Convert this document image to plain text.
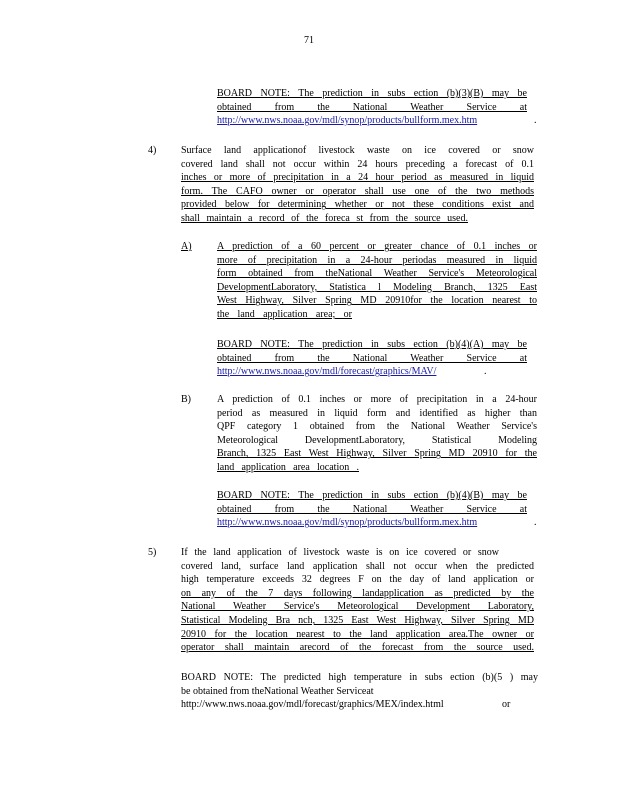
71
BOARD NOTE: The prediction in subs ection (b)(3)(B) may be
obtained from the National Weather Service at
http://www.nws.noaa.gov/mdl/synop/products/bullform.mex.htm	.
4) Surface land applicationof livestock waste on ice covered or snow
covered land shall not occur within 24 hours preceding a forecast of 0.1
inches or more of precipitation in a 24 hour period as measured in liquid
form. The CAFO owner or operator shall use one of the two methods
provided below for determining whether or not these conditions exist and
shall maintain a record of the foreca st from the source used.
A)	A prediction of a 60 percent or greater chance of 0.1 inches or
more of precipitation in a 24-hour periodas measured in liquid
form obtained from theNational Weather Service's Meteorological
DevelopmentLaboratory, Statistica l Modeling Branch, 1325 East
West Highway, Silver Spring MD 20910for the location nearest to
the land application area; or
BOARD NOTE: The prediction in subs ection (b)(4)(A) may be
obtained from the National Weather Service at
http://www.nws.noaa.gov/mdl/forecast/graphics/MAV/	.
B)	A prediction of 0.1 inches or more of precipitation in a 24-hour
period as measured in liquid form and identified as higher than
QPF category 1 obtained from the National Weather Service's
Meteorological DevelopmentLaboratory, Statistical Modeling
Branch, 1325 East West Highway, Silver Spring MD 20910 for the
land application area location .
BOARD NOTE: The prediction in subs ection (b)(4)(B) may be
obtained from the National Weather Service at
http://www.nws.noaa.gov/mdl/synop/products/bullform.mex.htm	.
5) If the land application of livestock waste is on ice covered or snow
covered land, surface land application shall not occur when the predicted
high temperature exceeds 32 degrees F on the day of land application or
on any of the 7 days following landapplication as predicted by the
National Weather Service's Meteorological Development Laboratory,
Statistical Modeling Bra nch, 1325 East West Highway, Silver Spring MD
20910 for the location nearest to the land application area.The owner or
operator shall maintain arecord of the forecast from the source used.
BOARD NOTE: The predicted high temperature in subs ection (b)(5 ) may
be obtained from theNational Weather Serviceat
http://www.nws.noaa.gov/mdl/forecast/graphics/MEX/index.html	or
